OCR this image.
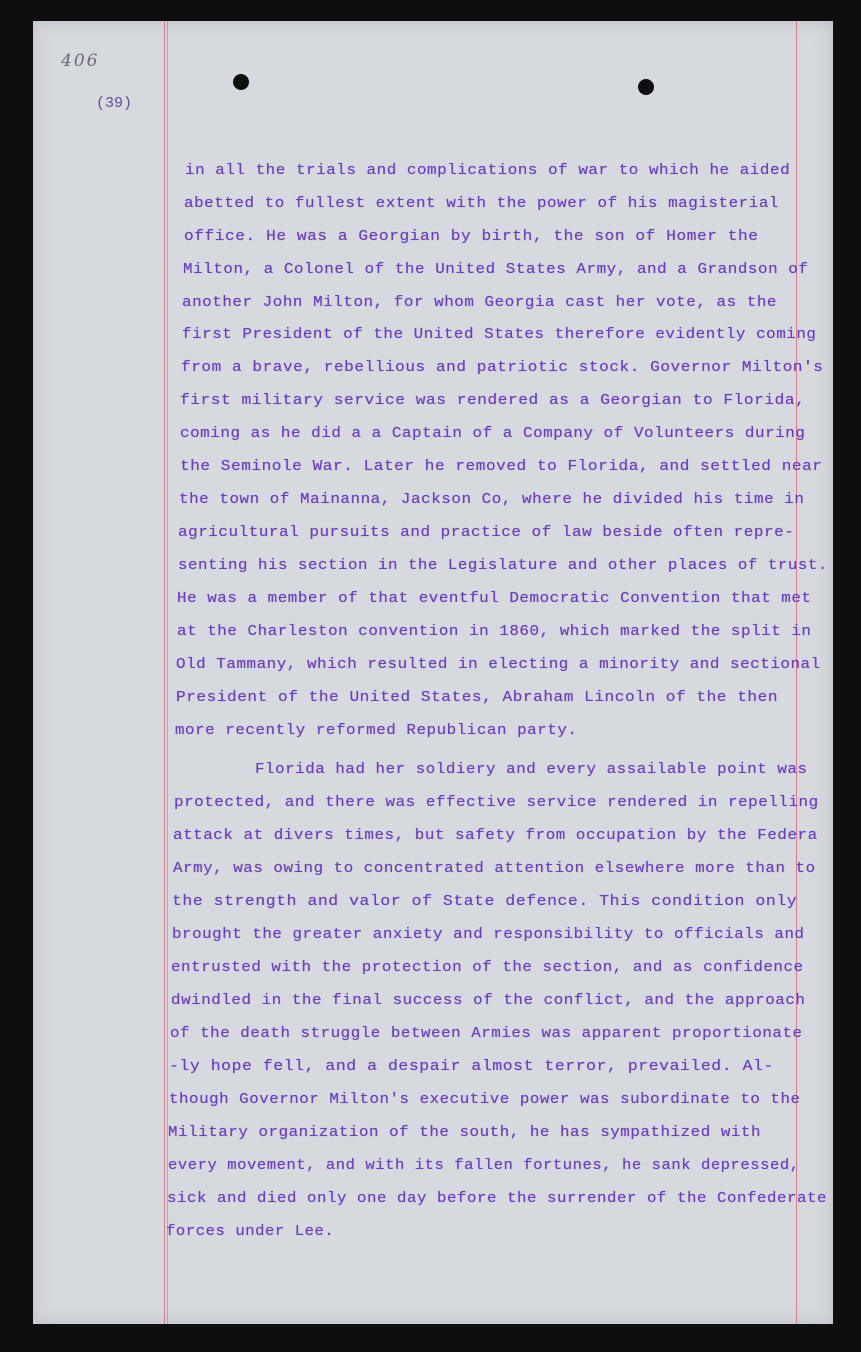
406
(39)
in all the trials and complications of war to which he aided
abetted to fullest extent with the power of his magisterial
office. He was a Georgian by birth, the son of Homer the
Milton, a Colonel of the United States Army, and a Grandson of
another John Milton, for whom Georgia cast her vote, as the
first President of the United States therefore evidently coming
from a brave, rebellious and patriotic stock. Governor Milton's
first military service was rendered as a Georgian to Florida,
coming as he did a a Captain of a Company of Volunteers during
the Seminole War. Later he removed to Florida, and settled near
the town of Mainanna, Jackson Co, where he divided his time in
agricultural pursuits and practice of law beside often repre-
senting his section in the Legislature and other places of trust.
He was a member of that eventful Democratic Convention that met
at the Charleston convention in 1860, which marked the split in
Old Tammany, which resulted in electing a minority and sectional
President of the United States, Abraham Lincoln of the then
more recently reformed Republican party.
Florida had her soldiery and every assailable point was
protected, and there was effective service rendered in repelling
attack at divers times, but safety from occupation by the Federa
Army, was owing to concentrated attention elsewhere more than to
the strength and valor of State defence. This condition only
brought the greater anxiety and responsibility to officials and
entrusted with the protection of the section, and as confidence
dwindled in the final success of the conflict, and the approach
of the death struggle between Armies was apparent proportionate
-ly hope fell, and a despair almost terror, prevailed. Al-
though Governor Milton's executive power was subordinate to the
Military organization of the south, he has sympathized with
every movement, and with its fallen fortunes, he sank depressed,
sick and died only one day before the surrender of the Confederate
forces under Lee.
